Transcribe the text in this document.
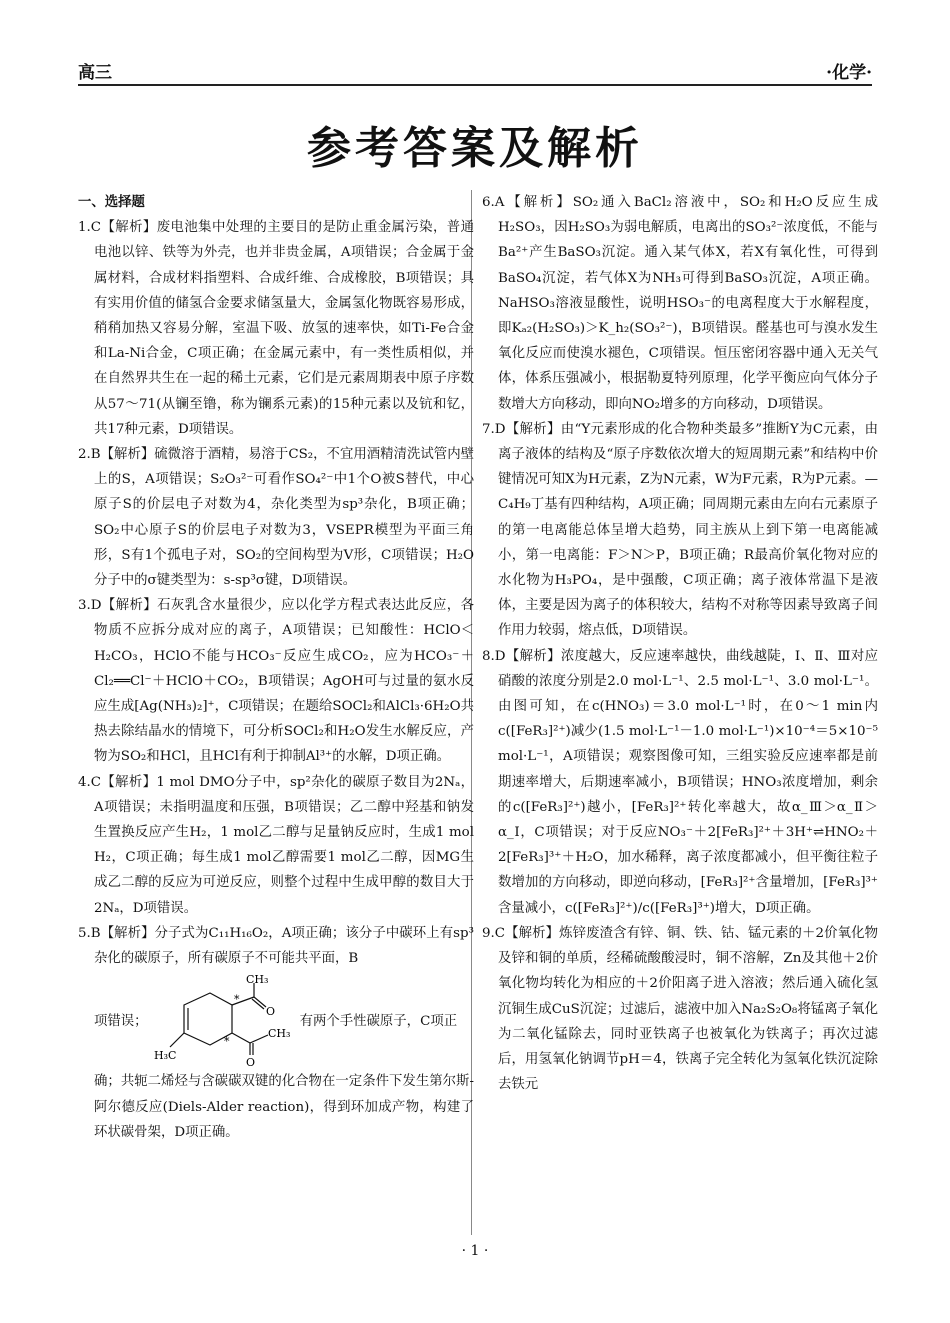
高三	·化学·
参考答案及解析
一、选择题

1.C【解析】废电池集中处理的主要目的是防止重金属污染，普通电池以锌、铁等为外壳，也并非贵金属，A项错误；合金属于金属材料，合成材料指塑料、合成纤维、合成橡胶，B项错误；具有实用价值的储氢合金要求储氢量大，金属氢化物既容易形成，稍稍加热又容易分解，室温下吸、放氢的速率快，如Ti-Fe合金和La-Ni合金，C项正确；在金属元素中，有一类性质相似，并在自然界共生在一起的稀土元素，它们是元素周期表中原子序数从57～71(从镧至镥，称为镧系元素)的15种元素以及钪和钇，共17种元素，D项错误。

2.B【解析】硫微溶于酒精，易溶于CS₂，不宜用酒精清洗试管内壁上的S，A项错误；S₂O₃²⁻可看作SO₄²⁻中1个O被S替代，中心原子S的价层电子对数为4，杂化类型为sp³杂化，B项正确；SO₂中心原子S的价层电子对数为3，VSEPR模型为平面三角形，S有1个孤电子对，SO₂的空间构型为V形，C项错误；H₂O分子中的σ键类型为：s-sp³σ键，D项错误。

3.D【解析】石灰乳含水量很少，应以化学方程式表达此反应，各物质不应拆分成对应的离子，A项错误；已知酸性：HClO＜H₂CO₃，HClO不能与HCO₃⁻反应生成CO₂，应为HCO₃⁻＋Cl₂══Cl⁻＋HClO＋CO₂，B项错误；AgOH可与过量的氨水反应生成[Ag(NH₃)₂]⁺，C项错误；在题给SOCl₂和AlCl₃·6H₂O共热去除结晶水的情境下，可分析SOCl₂和H₂O发生水解反应，产物为SO₂和HCl，且HCl有利于抑制Al³⁺的水解，D项正确。

4.C【解析】1 mol DMO分子中，sp²杂化的碳原子数目为2Nₐ，A项错误；未指明温度和压强，B项错误；乙二醇中羟基和钠发生置换反应产生H₂，1 mol乙二醇与足量钠反应时，生成1 mol H₂，C项正确；每生成1 mol乙醇需要1 mol乙二醇，因MG生成乙二醇的反应为可逆反应，则整个过程中生成甲醇的数目大于2Nₐ，D项错误。

5.B【解析】分子式为C₁₁H₁₆O₂，A项正确；该分子中碳环上有sp³杂化的碳原子，所有碳原子不可能共平面，B

项错误；
CH₃
O
CH₃
O
H₃C
*
*
有两个手性碳原子，C项正

确；共轭二烯烃与含碳碳双键的化合物在一定条件下发生第尔斯-阿尔德反应(Diels-Alder reaction)，得到环加成产物，构建了环状碳骨架，D项正确。

6.A【解析】SO₂通入BaCl₂溶液中，SO₂和H₂O反应生成H₂SO₃，因H₂SO₃为弱电解质，电离出的SO₃²⁻浓度低，不能与Ba²⁺产生BaSO₃沉淀。通入某气体X，若X有氧化性，可得到BaSO₄沉淀，若气体X为NH₃可得到BaSO₃沉淀，A项正确。NaHSO₃溶液显酸性，说明HSO₃⁻的电离程度大于水解程度，即Kₐ₂(H₂SO₃)＞K_h₂(SO₃²⁻)，B项错误。醛基也可与溴水发生氧化反应而使溴水褪色，C项错误。恒压密闭容器中通入无关气体，体系压强减小，根据勒夏特列原理，化学平衡应向气体分子数增大方向移动，即向NO₂增多的方向移动，D项错误。

7.D【解析】由“Y元素形成的化合物种类最多”推断Y为C元素，由离子液体的结构及“原子序数依次增大的短周期元素”和结构中价键情况可知X为H元素，Z为N元素，W为F元素，R为P元素。—C₄H₉丁基有四种结构，A项正确；同周期元素由左向右元素原子的第一电离能总体呈增大趋势，同主族从上到下第一电离能减小，第一电离能：F＞N＞P，B项正确；R最高价氧化物对应的水化物为H₃PO₄，是中强酸，C项正确；离子液体常温下是液体，主要是因为离子的体积较大，结构不对称等因素导致离子间作用力较弱，熔点低，D项错误。

8.D【解析】浓度越大，反应速率越快，曲线越陡，Ⅰ、Ⅱ、Ⅲ对应硝酸的浓度分别是2.0 mol·L⁻¹、2.5 mol·L⁻¹、3.0 mol·L⁻¹。由图可知，在c(HNO₃)＝3.0 mol·L⁻¹时，在0～1 min内c([FeR₃]²⁺)减少(1.5 mol·L⁻¹－1.0 mol·L⁻¹)×10⁻⁴＝5×10⁻⁵ mol·L⁻¹，A项错误；观察图像可知，三组实验反应速率都是前期速率增大，后期速率减小，B项错误；HNO₃浓度增加，剩余的c([FeR₃]²⁺)越小，[FeR₃]²⁺转化率越大，故α_Ⅲ＞α_Ⅱ＞α_Ⅰ，C项错误；对于反应NO₃⁻＋2[FeR₃]²⁺＋3H⁺⇌HNO₂＋2[FeR₃]³⁺＋H₂O，加水稀释，离子浓度都减小，但平衡往粒子数增加的方向移动，即逆向移动，[FeR₃]²⁺含量增加，[FeR₃]³⁺含量减小，c([FeR₃]²⁺)/c([FeR₃]³⁺)增大，D项正确。

9.C【解析】炼锌废渣含有锌、铜、铁、钴、锰元素的＋2价氧化物及锌和铜的单质，经稀硫酸酸浸时，铜不溶解，Zn及其他＋2价氧化物均转化为相应的＋2价阳离子进入溶液；然后通入硫化氢沉铜生成CuS沉淀；过滤后，滤液中加入Na₂S₂O₈将锰离子氧化为二氧化锰除去，同时亚铁离子也被氧化为铁离子；再次过滤后，用氢氧化钠调节pH＝4，铁离子完全转化为氢氧化铁沉淀除去铁元

· 1 ·
